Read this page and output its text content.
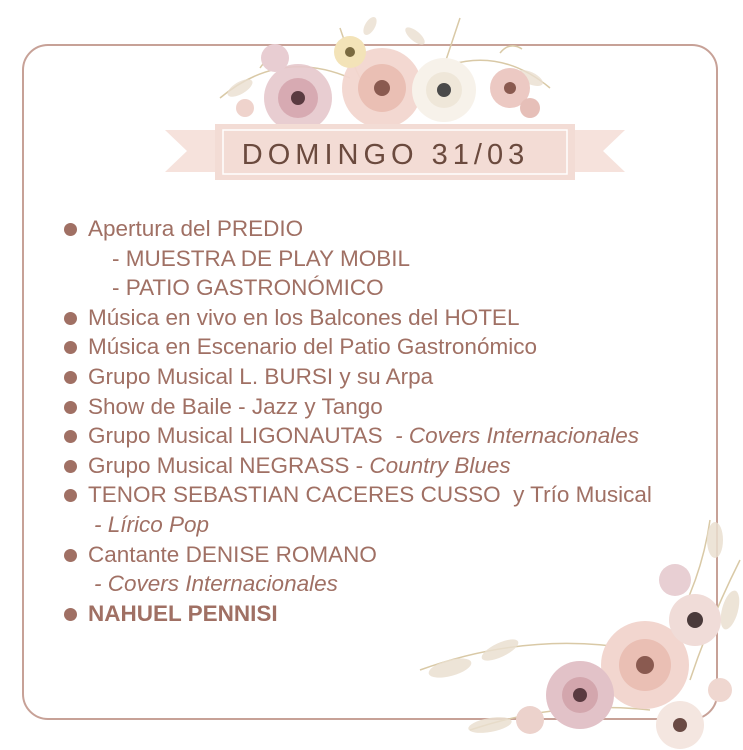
DOMINGO 31/03
Apertura del PREDIO
- MUESTRA DE PLAY MOBIL
- PATIO GASTRONÓMICO
Música en vivo en los Balcones del HOTEL
Música en Escenario del Patio Gastronómico
Grupo Musical L. BURSI y su Arpa
Show de Baile - Jazz y Tango
Grupo Musical LIGONAUTAS  - Covers Internacionales
Grupo Musical NEGRASS - Country Blues
TENOR SEBASTIAN CACERES CUSSO  y Trío Musical
- Lírico Pop
Cantante DENISE ROMANO
- Covers Internacionales
NAHUEL PENNISI
